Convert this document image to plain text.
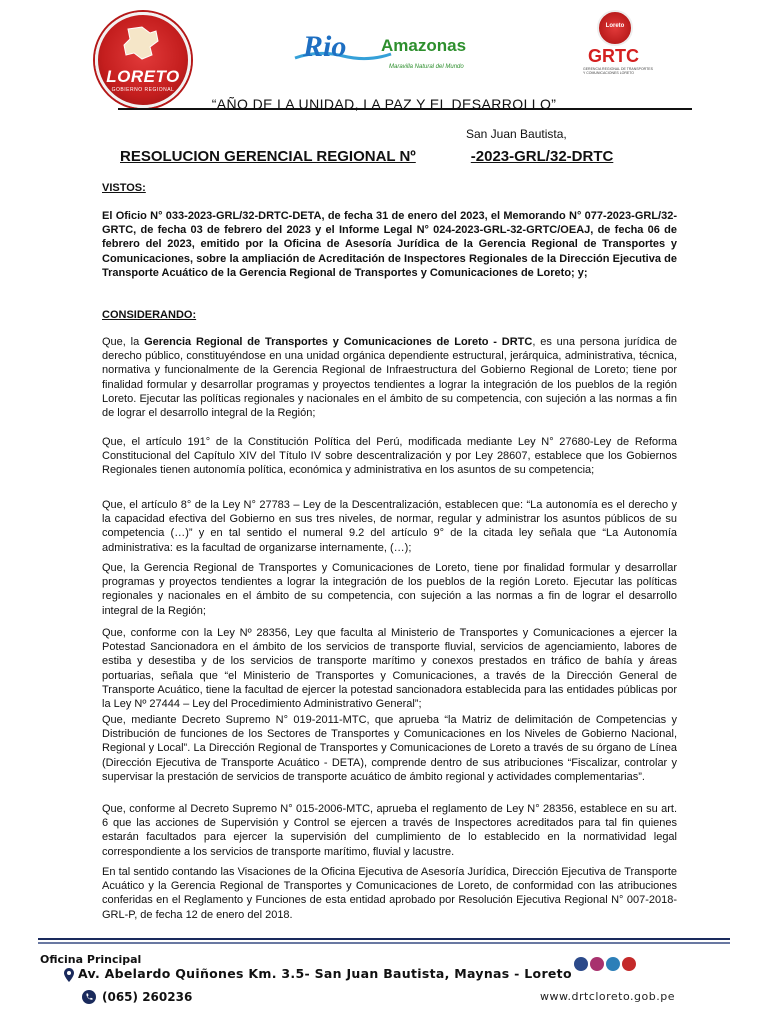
LORETO
GOBIERNO REGIONAL
Rio Amazonas
Maravilla Natural del Mundo
Loreto
GRTC
GERENCIA REGIONAL DE TRANSPORTES Y COMUNICACIONES LORETO
“AÑO DE LA UNIDAD, LA PAZ Y EL DESARROLLO”
San Juan Bautista,
RESOLUCION GERENCIAL REGIONAL Nº	-2023-GRL/32-DRTC
VISTOS:
El Oficio N° 033-2023-GRL/32-DRTC-DETA, de fecha 31 de enero del 2023, el Memorando N° 077-2023-GRL/32-GRTC, de fecha 03 de febrero del 2023 y el Informe Legal N° 024-2023-GRL-32-GRTC/OEAJ, de fecha 06 de febrero del 2023, emitido por la Oficina de Asesoría Jurídica de la Gerencia Regional de Transportes y Comunicaciones, sobre la ampliación de Acreditación de Inspectores Regionales de la Dirección Ejecutiva de Transporte Acuático de la Gerencia Regional de Transportes y Comunicaciones de Loreto; y;
CONSIDERANDO:
Que, la Gerencia Regional de Transportes y Comunicaciones de Loreto - DRTC, es una persona jurídica de derecho público, constituyéndose en una unidad orgánica dependiente estructural, jerárquica, administrativa, técnica, normativa y funcionalmente de la Gerencia Regional de Infraestructura del Gobierno Regional de Loreto; tiene por finalidad formular y desarrollar programas y proyectos tendientes a lograr la integración de los pueblos de la región Loreto. Ejecutar las políticas regionales y nacionales en el ámbito de su competencia, con sujeción a las normas a fin de lograr el desarrollo integral de la Región;
Que, el artículo 191° de la Constitución Política del Perú, modificada mediante Ley N° 27680-Ley de Reforma Constitucional del Capítulo XIV del Título IV sobre descentralización y por Ley 28607, establece que los Gobiernos Regionales tienen autonomía política, económica y administrativa en los asuntos de su competencia;
Que, el artículo 8° de la Ley N° 27783 – Ley de la Descentralización, establecen que: “La autonomía es el derecho y la capacidad efectiva del Gobierno en sus tres niveles, de normar, regular y administrar los asuntos públicos de su competencia (…)” y en tal sentido el numeral 9.2 del artículo 9° de la citada ley señala que “La Autonomía administrativa: es la facultad de organizarse internamente, (…);
Que, la Gerencia Regional de Transportes y Comunicaciones de Loreto, tiene por finalidad formular y desarrollar programas y proyectos tendientes a lograr la integración de los pueblos de la región Loreto. Ejecutar las políticas regionales y nacionales en el ámbito de su competencia, con sujeción a las normas a fin de lograr el desarrollo integral de la Región;
Que, conforme con la Ley Nº 28356, Ley que faculta al Ministerio de Transportes y Comunicaciones a ejercer la Potestad Sancionadora en el ámbito de los servicios de transporte fluvial, servicios de agenciamiento, labores de estiba y desestiba y de los servicios de transporte marítimo y conexos prestados en tráfico de bahía y áreas portuarias, señala que “el Ministerio de Transportes y Comunicaciones, a través de la Dirección General de Transporte Acuático, tiene la facultad de ejercer la potestad sancionadora establecida para las entidades públicas por la Ley Nº 27444 – Ley del Procedimiento Administrativo General”;
Que, mediante Decreto Supremo N° 019-2011-MTC, que aprueba “la Matriz de delimitación de Competencias y Distribución de funciones de los Sectores de Transportes y Comunicaciones en los Niveles de Gobierno Nacional, Regional y Local”. La Dirección Regional de Transportes y Comunicaciones de Loreto a través de su órgano de Línea (Dirección Ejecutiva de Transporte Acuático - DETA), comprende dentro de sus atribuciones “Fiscalizar, controlar y supervisar la prestación de servicios de transporte acuático de ámbito regional y actividades complementarias”.
Que, conforme al Decreto Supremo N° 015-2006-MTC, aprueba el reglamento de Ley N° 28356, establece en su art. 6 que las acciones de Supervisión y Control se ejercen a través de Inspectores acreditados para tal fin quienes estarán facultados para ejercer la supervisión del cumplimiento de lo establecido en la normatividad legal correspondiente a los servicios de transporte marítimo, fluvial y lacustre.
En tal sentido contando las Visaciones de la Oficina Ejecutiva de Asesoría Jurídica, Dirección Ejecutiva de Transporte Acuático y la Gerencia Regional de Transportes y Comunicaciones de Loreto, de conformidad con las atribuciones conferidas en el Reglamento y Funciones de esta entidad aprobado por Resolución Ejecutiva Regional N° 007-2018-GRL-P, de fecha 12 de enero del 2018.
Oficina Principal
Av. Abelardo Quiñones Km. 3.5- San Juan Bautista, Maynas - Loreto
(065) 260236	www.drtcloreto.gob.pe
